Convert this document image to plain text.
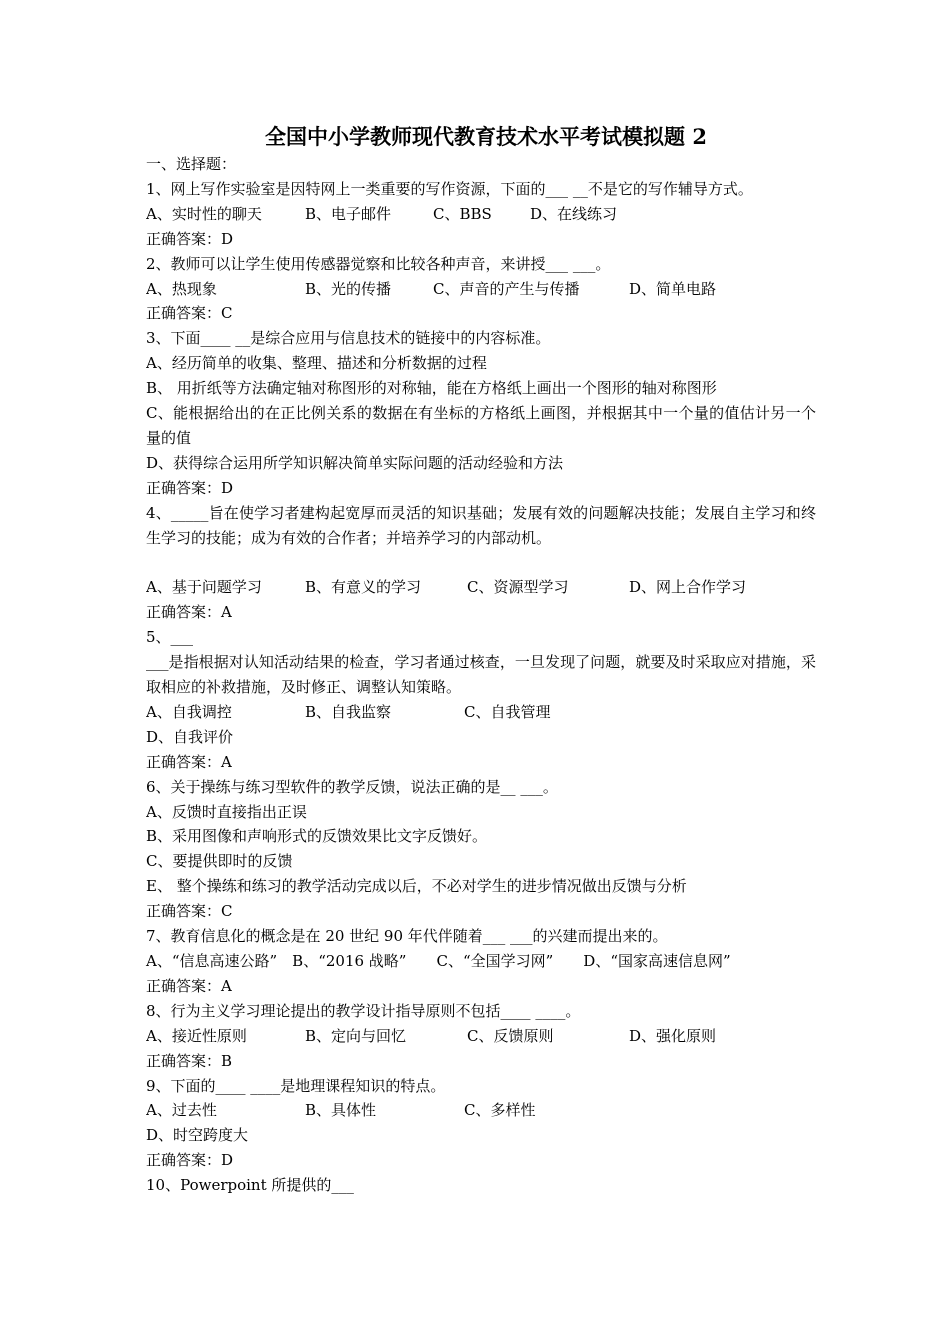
全国中小学教师现代教育技术水平考试模拟题 2

一、选择题：

1、网上写作实验室是因特网上一类重要的写作资源，下面的___ __不是它的写作辅导方式。

A、实时性的聊天	B、电子邮件	C、BBS	D、在线练习

正确答案：D

2、教师可以让学生使用传感器觉察和比较各种声音，来讲授___ ___。

A、热现象	B、光的传播	C、声音的产生与传播	D、简单电路

正确答案：C

3、下面____ __是综合应用与信息技术的链接中的内容标准。

A、经历简单的收集、整理、描述和分析数据的过程

B、 用折纸等方法确定轴对称图形的对称轴，能在方格纸上画出一个图形的轴对称图形

C、能根据给出的在正比例关系的数据在有坐标的方格纸上画图，并根据其中一个量的值估计另一个量的值

D、获得综合运用所学知识解决简单实际问题的活动经验和方法

正确答案：D

4、_____旨在使学习者建构起宽厚而灵活的知识基础；发展有效的问题解决技能；发展自主学习和终生学习的技能；成为有效的合作者；并培养学习的内部动机。

A、基于问题学习	B、有意义的学习	C、资源型学习	D、网上合作学习

正确答案：A

5、___

___是指根据对认知活动结果的检查，学习者通过核查，一旦发现了问题，就要及时采取应对措施，采取相应的补救措施，及时修正、调整认知策略。

A、自我调控	B、自我监察	C、自我管理

D、自我评价

正确答案：A

6、关于操练与练习型软件的教学反馈，说法正确的是__ ___。

A、反馈时直接指出正误

B、采用图像和声响形式的反馈效果比文字反馈好。

C、要提供即时的反馈

E、 整个操练和练习的教学活动完成以后，不必对学生的进步情况做出反馈与分析

正确答案：C

7、教育信息化的概念是在 20 世纪 90 年代伴随着___ ___的兴建而提出来的。

A、“信息高速公路”　B、“2016 战略”　　C、“全国学习网”　　D、“国家高速信息网”

正确答案：A

8、行为主义学习理论提出的教学设计指导原则不包括____ ____。

A、接近性原则	B、定向与回忆	C、反馈原则	D、强化原则

正确答案：B

9、下面的____ ____是地理课程知识的特点。

A、过去性	B、具体性	C、多样性

D、时空跨度大

正确答案：D

10、Powerpoint 所提供的___
